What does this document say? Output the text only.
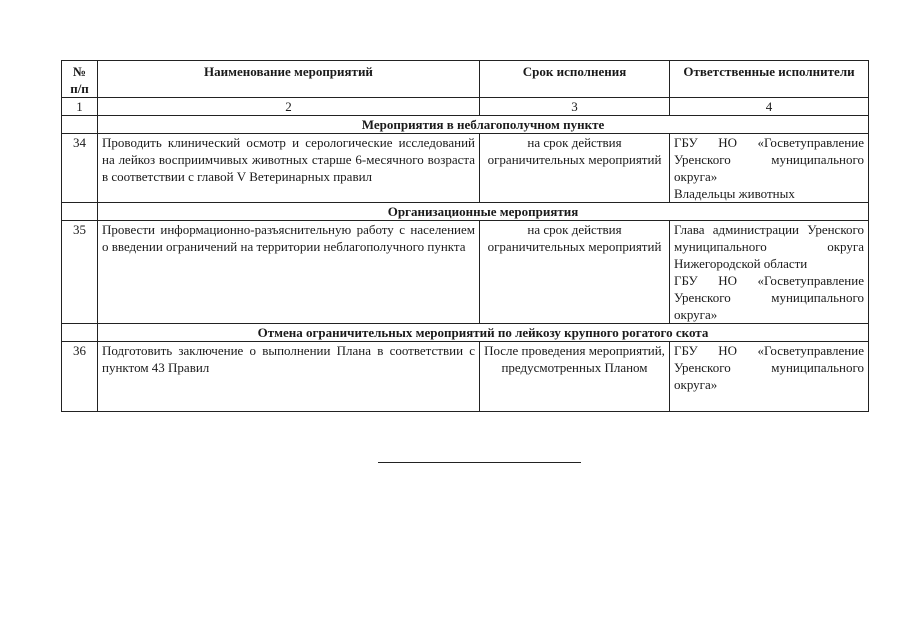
№ п/п	Наименование мероприятий	Срок исполнения	Ответственные исполнители
1	2	3	4
	Мероприятия в неблагополучном пункте		
34	Проводить клинический осмотр и серологические исследований на лейкоз восприимчивых животных старше 6-месячного возраста в соответствии с главой V Ветеринарных правил	на срок действия ограничительных мероприятий	ГБУ НО «Госветуправление Уренского муниципального округа»
Владельцы животных

	Организационные мероприятия		
35	Провести информационно-разъяснительную работу с населением о введении ограничений на территории неблагополучного пункта	на срок действия ограничительных мероприятий	Глава администрации Уренского муниципального округа Нижегородской области
ГБУ НО «Госветуправление Уренского муниципального округа»

	Отмена ограничительных мероприятий по лейкозу крупного рогатого скота		
36	Подготовить заключение о выполнении Плана в соответствии с пунктом 43 Правил	После проведения мероприятий, предусмотренных Планом	ГБУ НО «Госветуправление Уренского муниципального округа»
